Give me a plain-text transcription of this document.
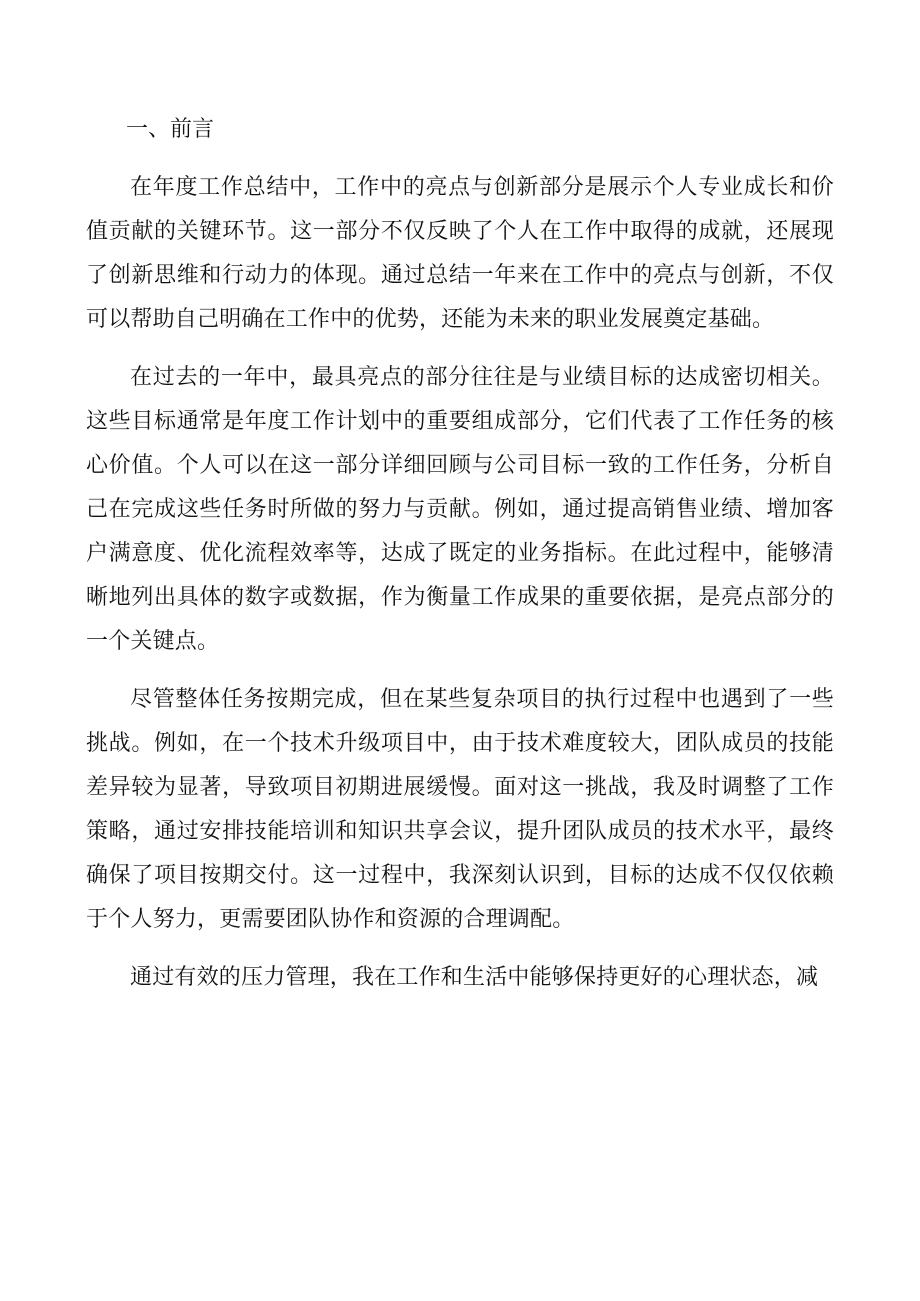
一、前言

在年度工作总结中，工作中的亮点与创新部分是展示个人专业成长和价值贡献的关键环节。这一部分不仅反映了个人在工作中取得的成就，还展现了创新思维和行动力的体现。通过总结一年来在工作中的亮点与创新，不仅可以帮助自己明确在工作中的优势，还能为未来的职业发展奠定基础。

在过去的一年中，最具亮点的部分往往是与业绩目标的达成密切相关。这些目标通常是年度工作计划中的重要组成部分，它们代表了工作任务的核心价值。个人可以在这一部分详细回顾与公司目标一致的工作任务，分析自己在完成这些任务时所做的努力与贡献。例如，通过提高销售业绩、增加客户满意度、优化流程效率等，达成了既定的业务指标。在此过程中，能够清晰地列出具体的数字或数据，作为衡量工作成果的重要依据，是亮点部分的一个关键点。

尽管整体任务按期完成，但在某些复杂项目的执行过程中也遇到了一些挑战。例如，在一个技术升级项目中，由于技术难度较大，团队成员的技能差异较为显著，导致项目初期进展缓慢。面对这一挑战，我及时调整了工作策略，通过安排技能培训和知识共享会议，提升团队成员的技术水平，最终确保了项目按期交付。这一过程中，我深刻认识到，目标的达成不仅仅依赖于个人努力，更需要团队协作和资源的合理调配。

通过有效的压力管理，我在工作和生活中能够保持更好的心理状态，减
